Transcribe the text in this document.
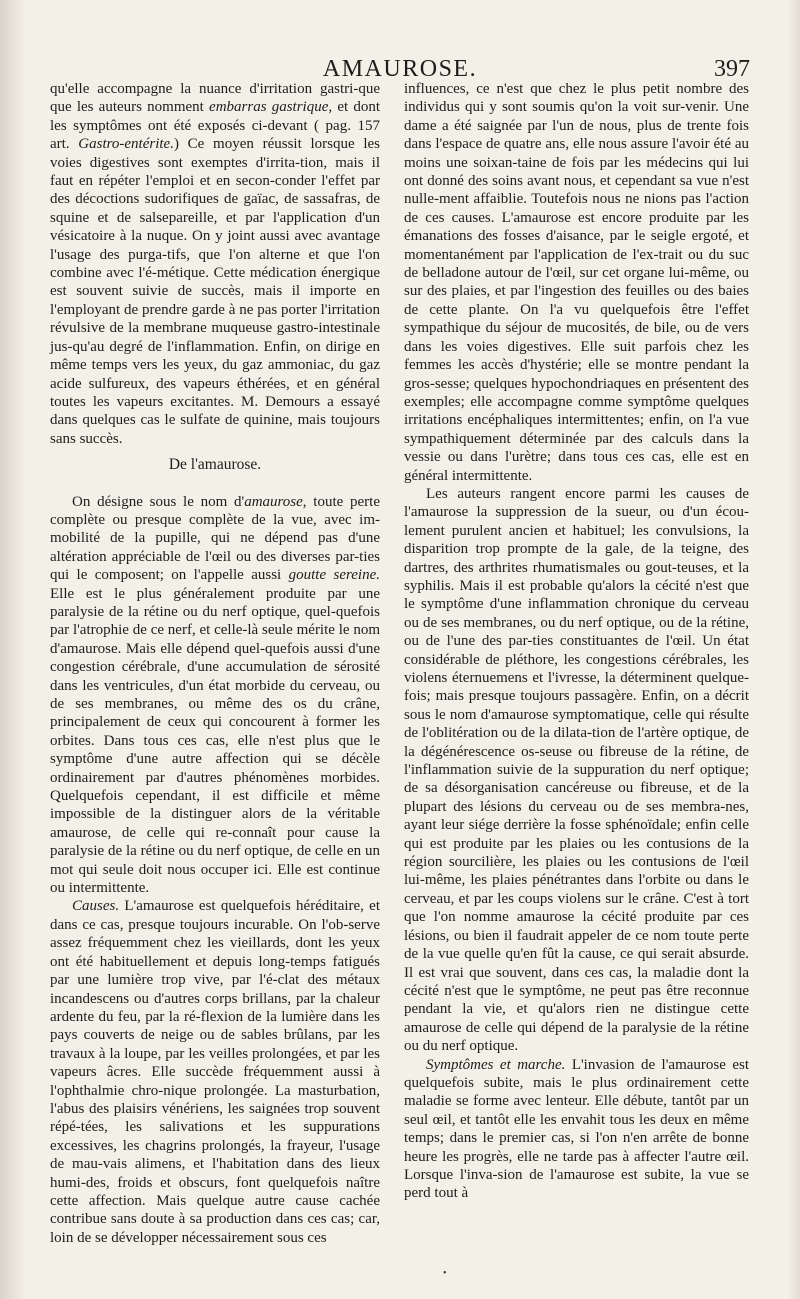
AMAUROSE.	397

qu'elle accompagne la nuance d'irritation gastri-que que les auteurs nomment embarras gastrique, et dont les symptômes ont été exposés ci-devant ( pag. 157 art. Gastro-entérite.) Ce moyen réussit lorsque les voies digestives sont exemptes d'irrita-tion, mais il faut en répéter l'emploi et en secon-conder l'effet par des décoctions sudorifiques de gaïac, de sassafras, de squine et de salsepareille, et par l'application d'un vésicatoire à la nuque. On y joint aussi avec avantage l'usage des purga-tifs, que l'on alterne et que l'on combine avec l'é-métique. Cette médication énergique est souvent suivie de succès, mais il importe en l'employant de prendre garde à ne pas porter l'irritation révulsive de la membrane muqueuse gastro-intestinale jus-qu'au degré de l'inflammation. Enfin, on dirige en même temps vers les yeux, du gaz ammoniac, du gaz acide sulfureux, des vapeurs éthérées, et en général toutes les vapeurs excitantes. M. Demours a essayé dans quelques cas le sulfate de quinine, mais toujours sans succès.

De l'amaurose.

On désigne sous le nom d'amaurose, toute perte complète ou presque complète de la vue, avec im-mobilité de la pupille, qui ne dépend pas d'une altération appréciable de l'œil ou des diverses par-ties qui le composent; on l'appelle aussi goutte sereine. Elle est le plus généralement produite par une paralysie de la rétine ou du nerf optique, quel-quefois par l'atrophie de ce nerf, et celle-là seule mérite le nom d'amaurose. Mais elle dépend quel-quefois aussi d'une congestion cérébrale, d'une accumulation de sérosité dans les ventricules, d'un état morbide du cerveau, ou de ses membranes, ou même des os du crâne, principalement de ceux qui concourent à former les orbites. Dans tous ces cas, elle n'est plus que le symptôme d'une autre affection qui se décèle ordinairement par d'autres phénomènes morbides. Quelquefois cependant, il est difficile et même impossible de la distinguer alors de la véritable amaurose, de celle qui re-connaît pour cause la paralysie de la rétine ou du nerf optique, de celle en un mot qui seule doit nous occuper ici. Elle est continue ou intermittente.

Causes. L'amaurose est quelquefois héréditaire, et dans ce cas, presque toujours incurable. On l'ob-serve assez fréquemment chez les vieillards, dont les yeux ont été habituellement et depuis long-temps fatigués par une lumière trop vive, par l'é-clat des métaux incandescens ou d'autres corps brillans, par la chaleur ardente du feu, par la ré-flexion de la lumière dans les pays couverts de neige ou de sables brûlans, par les travaux à la loupe, par les veilles prolongées, et par les vapeurs âcres. Elle succède fréquemment aussi à l'ophthalmie chro-nique prolongée. La masturbation, l'abus des plaisirs vénériens, les saignées trop souvent répé-tées, les salivations et les suppurations excessives, les chagrins prolongés, la frayeur, l'usage de mau-vais alimens, et l'habitation dans des lieux humi-des, froids et obscurs, font quelquefois naître cette affection. Mais quelque autre cause cachée contribue sans doute à sa production dans ces cas; car, loin de se développer nécessairement sous ces

influences, ce n'est que chez le plus petit nombre des individus qui y sont soumis qu'on la voit sur-venir. Une dame a été saignée par l'un de nous, plus de trente fois dans l'espace de quatre ans, elle nous assure l'avoir été au moins une soixan-taine de fois par les médecins qui lui ont donné des soins avant nous, et cependant sa vue n'est nulle-ment affaiblie. Toutefois nous ne nions pas l'action de ces causes. L'amaurose est encore produite par les émanations des fosses d'aisance, par le seigle ergoté, et momentanément par l'application de l'ex-trait ou du suc de belladone autour de l'œil, sur cet organe lui-même, ou sur des plaies, et par l'ingestion des feuilles ou des baies de cette plante. On l'a vu quelquefois être l'effet sympathique du séjour de mucosités, de bile, ou de vers dans les voies digestives. Elle suit parfois chez les femmes les accès d'hystérie; elle se montre pendant la gros-sesse; quelques hypochondriaques en présentent des exemples; elle accompagne comme symptôme quelques irritations encéphaliques intermittentes; enfin, on l'a vue sympathiquement déterminée par des calculs dans la vessie ou dans l'urètre; dans tous ces cas, elle est en général intermittente.

Les auteurs rangent encore parmi les causes de l'amaurose la suppression de la sueur, ou d'un écou-lement purulent ancien et habituel; les convulsions, la disparition trop prompte de la gale, de la teigne, des dartres, des arthrites rhumatismales ou gout-teuses, et la syphilis. Mais il est probable qu'alors la cécité n'est que le symptôme d'une inflammation chronique du cerveau ou de ses membranes, ou du nerf optique, ou de la rétine, ou de l'une des par-ties constituantes de l'œil. Un état considérable de pléthore, les congestions cérébrales, les violens éternuemens et l'ivresse, la déterminent quelque-fois; mais presque toujours passagère. Enfin, on a décrit sous le nom d'amaurose symptomatique, celle qui résulte de l'oblitération ou de la dilata-tion de l'artère optique, de la dégénérescence os-seuse ou fibreuse de la rétine, de l'inflammation suivie de la suppuration du nerf optique; de sa désorganisation cancéreuse ou fibreuse, et de la plupart des lésions du cerveau ou de ses membra-nes, ayant leur siége derrière la fosse sphénoïdale; enfin celle qui est produite par les plaies ou les contusions de la région sourcilière, les plaies ou les contusions de l'œil lui-même, les plaies pénétrantes dans l'orbite ou dans le cerveau, et par les coups violens sur le crâne. C'est à tort que l'on nomme amaurose la cécité produite par ces lésions, ou bien il faudrait appeler de ce nom toute perte de la vue quelle qu'en fût la cause, ce qui serait absurde. Il est vrai que souvent, dans ces cas, la maladie dont la cécité n'est que le symptôme, ne peut pas être reconnue pendant la vie, et qu'alors rien ne distingue cette amaurose de celle qui dépend de la paralysie de la rétine ou du nerf optique.

Symptômes et marche. L'invasion de l'amaurose est quelquefois subite, mais le plus ordinairement cette maladie se forme avec lenteur. Elle débute, tantôt par un seul œil, et tantôt elle les envahit tous les deux en même temps; dans le premier cas, si l'on n'en arrête de bonne heure les progrès, elle ne tarde pas à affecter l'autre œil. Lorsque l'inva-sion de l'amaurose est subite, la vue se perd tout à

•
